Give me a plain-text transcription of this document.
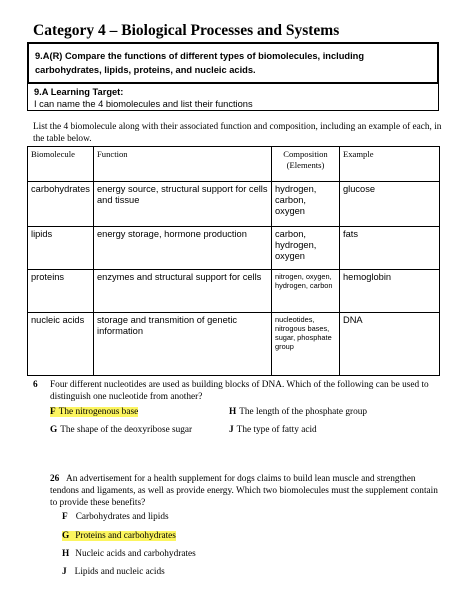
Category 4 – Biological Processes and Systems
9.A(R) Compare the functions of different types of biomolecules, including carbohydrates, lipids, proteins, and nucleic acids.
9.A Learning Target:
I can name the 4 biomolecules and list their functions
List the 4 biomolecule along with their associated function and composition, including an example of each, in the table below.
Biomolecule	Function	Composition (Elements)	Example
carbohydrates	energy source, structural support for cells and tissue	hydrogen, carbon, oxygen	glucose
lipids	energy storage, hormone production	carbon, hydrogen, oxygen	fats
proteins	enzymes and structural support for cells	nitrogen, oxygen, hydrogen, carbon	hemoglobin
nucleic acids	storage and transmition of genetic information	nucleotides, nitrogous bases, sugar, phosphate group	DNA
6 Four different nucleotides are used as building blocks of DNA. Which of the following can be used to distinguish one nucleotide from another?
F The nitrogenous base	H The length of the phosphate group
G The shape of the deoxyribose sugar	J The type of fatty acid
26 An advertisement for a health supplement for dogs claims to build lean muscle and strengthen tendons and ligaments, as well as provide energy. Which two biomolecules must the supplement contain to provide these benefits?
F Carbohydrates and lipids
G Proteins and carbohydrates
H Nucleic acids and carbohydrates
J Lipids and nucleic acids
